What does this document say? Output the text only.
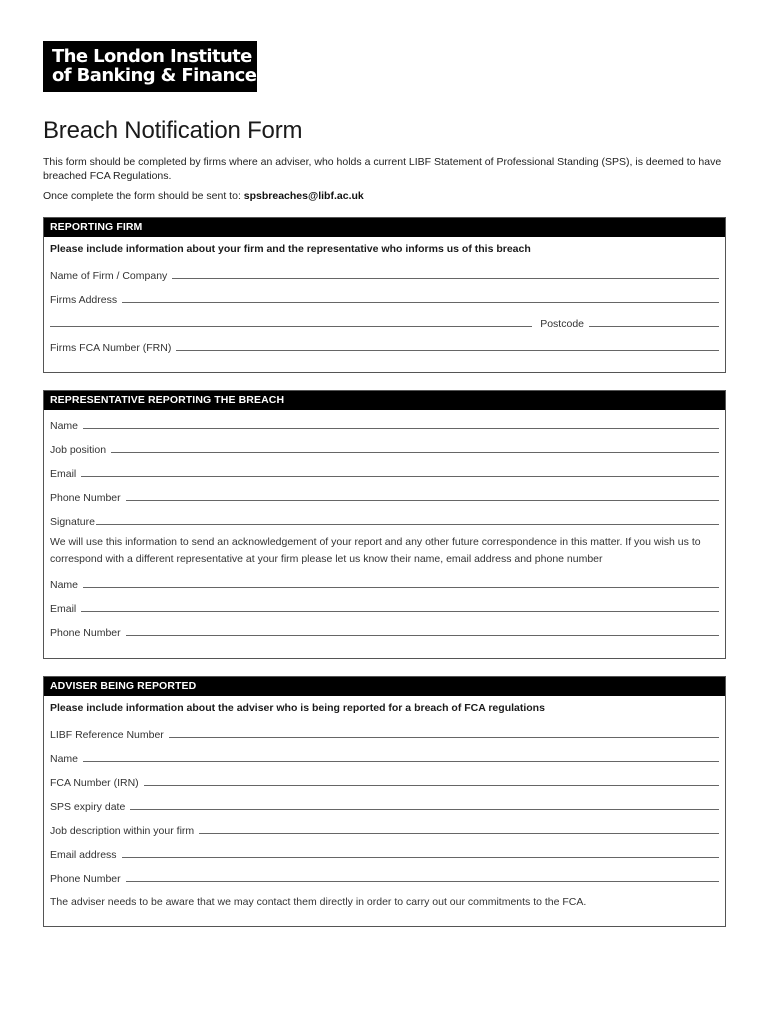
The London Institute
of Banking & Finance
Breach Notification Form

This form should be completed by firms where an adviser, who holds a current LIBF Statement of Professional Standing (SPS), is deemed to have breached FCA Regulations.

Once complete the form should be sent to: spsbreaches@libf.ac.uk

REPORTING FIRM
Please include information about your firm and the representative who informs us of this breach
Name of Firm / Company
Firms Address
Postcode
Firms FCA Number (FRN)
REPRESENTATIVE REPORTING THE BREACH
Name
Job position
Email
Phone Number
Signature
We will use this information to send an acknowledgement of your report and any other future correspondence in this matter. If you wish us to correspond with a different representative at your firm please let us know their name, email address and phone number
Name
Email
Phone Number
ADVISER BEING REPORTED
Please include information about the adviser who is being reported for a breach of FCA regulations
LIBF Reference Number
Name
FCA Number (IRN)
SPS expiry date
Job description within your firm
Email address
Phone Number
The adviser needs to be aware that we may contact them directly in order to carry out our commitments to the FCA.
